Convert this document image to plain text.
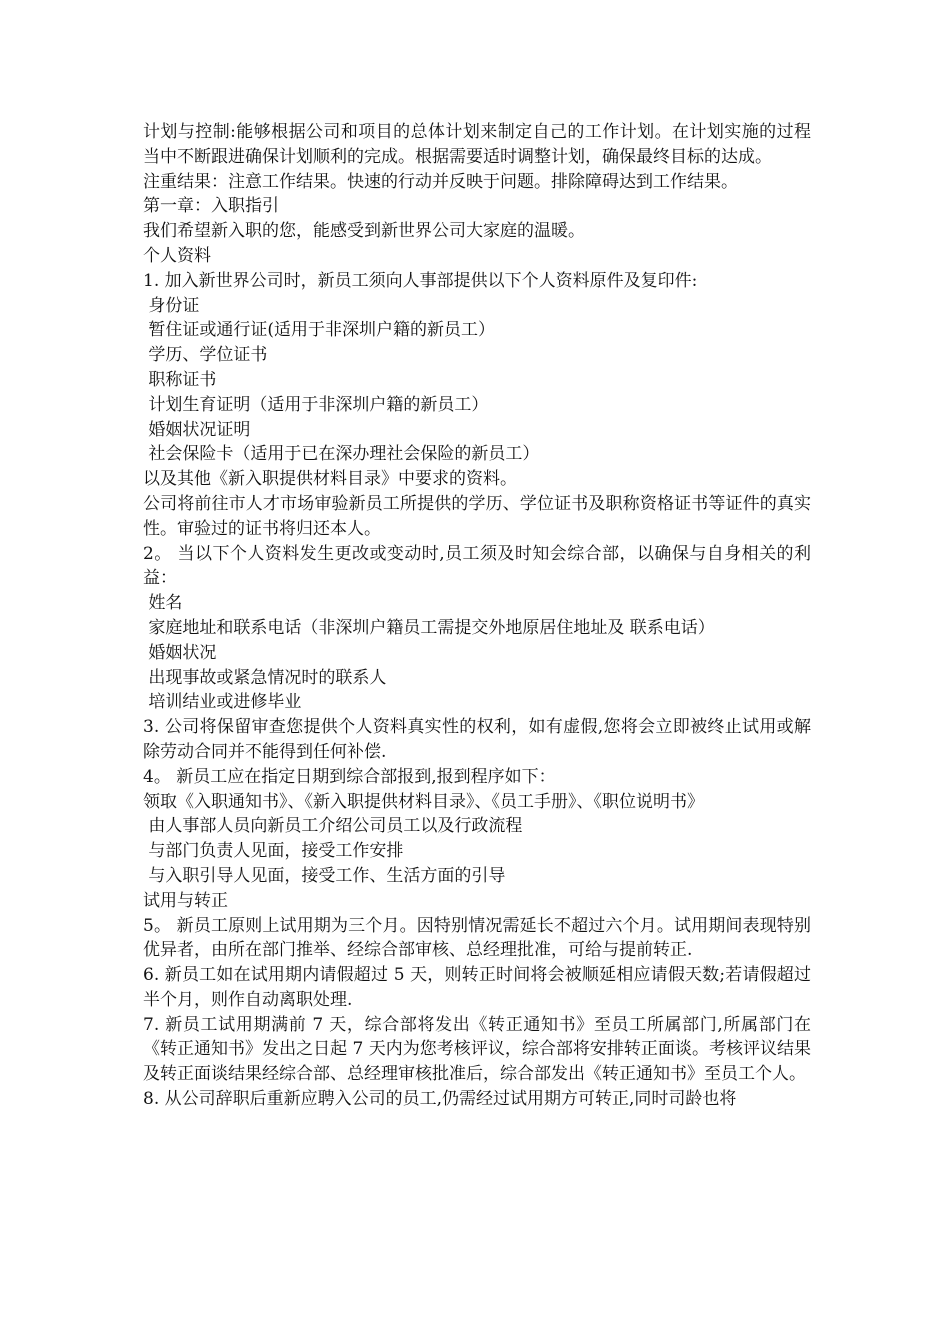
计划与控制:能够根据公司和项目的总体计划来制定自己的工作计划。在计划实施的过程当中不断跟进确保计划顺利的完成。根据需要适时调整计划，确保最终目标的达成。
注重结果：注意工作结果。快速的行动并反映于问题。排除障碍达到工作结果。
第一章：入职指引
我们希望新入职的您，能感受到新世界公司大家庭的温暖。
个人资料
1. 加入新世界公司时，新员工须向人事部提供以下个人资料原件及复印件:
身份证
暂住证或通行证(适用于非深圳户籍的新员工）
学历、学位证书
职称证书
计划生育证明（适用于非深圳户籍的新员工）
婚姻状况证明
社会保险卡（适用于已在深办理社会保险的新员工）
以及其他《新入职提供材料目录》中要求的资料。
公司将前往市人才市场审验新员工所提供的学历、学位证书及职称资格证书等证件的真实性。审验过的证书将归还本人。
2。 当以下个人资料发生更改或变动时,员工须及时知会综合部，以确保与自身相关的利益：
姓名
家庭地址和联系电话（非深圳户籍员工需提交外地原居住地址及 联系电话）
婚姻状况
出现事故或紧急情况时的联系人
培训结业或进修毕业
3. 公司将保留审查您提供个人资料真实性的权利，如有虚假,您将会立即被终止试用或解除劳动合同并不能得到任何补偿.
4。 新员工应在指定日期到综合部报到,报到程序如下：
领取《入职通知书》、《新入职提供材料目录》、《员工手册》、《职位说明书》
由人事部人员向新员工介绍公司员工以及行政流程
与部门负责人见面，接受工作安排
与入职引导人见面，接受工作、生活方面的引导
试用与转正
5。 新员工原则上试用期为三个月。因特别情况需延长不超过六个月。试用期间表现特别优异者，由所在部门推举、经综合部审核、总经理批准，可给与提前转正.
6. 新员工如在试用期内请假超过 5 天，则转正时间将会被顺延相应请假天数;若请假超过半个月，则作自动离职处理.
7. 新员工试用期满前 7 天，综合部将发出《转正通知书》至员工所属部门,所属部门在《转正通知书》发出之日起 7 天内为您考核评议，综合部将安排转正面谈。考核评议结果及转正面谈结果经综合部、总经理审核批准后，综合部发出《转正通知书》至员工个人。
8. 从公司辞职后重新应聘入公司的员工,仍需经过试用期方可转正,同时司龄也将
